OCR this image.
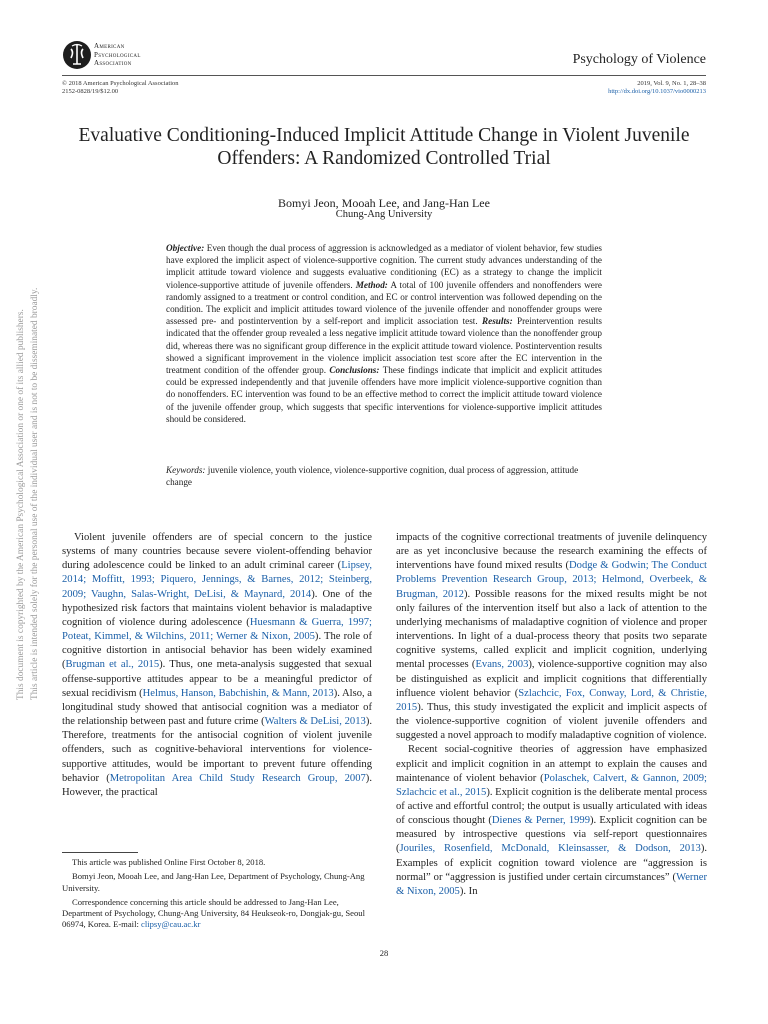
American
Psychological
Association	Psychology of Violence
© 2018 American Psychological Association
2152-0828/19/$12.00
2019, Vol. 9, No. 1, 28–38
http://dx.doi.org/10.1037/vio0000213
Evaluative Conditioning-Induced Implicit Attitude Change in Violent Juvenile Offenders: A Randomized Controlled Trial
Bomyi Jeon, Mooah Lee, and Jang-Han Lee
Chung-Ang University
Objective: Even though the dual process of aggression is acknowledged as a mediator of violent behavior, few studies have explored the implicit aspect of violence-supportive cognition. The current study advances understanding of the implicit attitude toward violence and suggests evaluative conditioning (EC) as a strategy to change the implicit violence-supportive attitude of juvenile offenders. Method: A total of 100 juvenile offenders and nonoffenders were randomly assigned to a treatment or control condition, and EC or control intervention was followed depending on the condition. The explicit and implicit attitudes toward violence of the juvenile offender and nonoffender groups were assessed pre- and postintervention by a self-report and implicit association test. Results: Preintervention results indicated that the offender group revealed a less negative implicit attitude toward violence than the nonoffender group did, whereas there was no significant group difference in the explicit attitude toward violence. Postintervention results showed a significant improvement in the violence implicit association test score after the EC intervention in the treatment condition of the offender group. Conclusions: These findings indicate that implicit and explicit attitudes could be expressed independently and that juvenile offenders have more implicit violence-supportive cognition than do nonoffenders. EC intervention was found to be an effective method to correct the implicit attitude toward violence of the juvenile offender group, which suggests that specific interventions for violence-supportive implicit attitudes should be considered.
Keywords: juvenile violence, youth violence, violence-supportive cognition, dual process of aggression, attitude change

Violent juvenile offenders are of special concern to the justice systems of many countries because severe violent-offending behavior during adolescence could be linked to an adult criminal career (Lipsey, 2014; Moffitt, 1993; Piquero, Jennings, & Barnes, 2012; Steinberg, 2009; Vaughn, Salas-Wright, DeLisi, & Maynard, 2014). One of the hypothesized risk factors that maintains violent behavior is maladaptive cognition of violence during adolescence (Huesmann & Guerra, 1997; Poteat, Kimmel, & Wilchins, 2011; Werner & Nixon, 2005). The role of cognitive distortion in antisocial behavior has been widely examined (Brugman et al., 2015). Thus, one meta-analysis suggested that sexual offense-supportive attitudes appear to be a meaningful predictor of sexual recidivism (Helmus, Hanson, Babchishin, & Mann, 2013). Also, a longitudinal study showed that antisocial cognition was a mediator of the relationship between past and future crime (Walters & DeLisi, 2013). Therefore, treatments for the antisocial cognition of violent juvenile offenders, such as cognitive-behavioral interventions for violence-supportive attitudes, would be important to prevent future offending behavior (Metropolitan Area Child Study Research Group, 2007). However, the practical

impacts of the cognitive correctional treatments of juvenile delinquency are as yet inconclusive because the research examining the effects of interventions have found mixed results (Dodge & Godwin; The Conduct Problems Prevention Research Group, 2013; Helmond, Overbeek, & Brugman, 2012). Possible reasons for the mixed results might be not only failures of the intervention itself but also a lack of attention to the underlying mechanisms of maladaptive cognition of violence and proper interventions. In light of a dual-process theory that posits two separate cognitive systems, called explicit and implicit cognition, underlying mental processes (Evans, 2003), violence-supportive cognition may also be distinguished as explicit and implicit cognitions that differentially influence violent behavior (Szlachcic, Fox, Conway, Lord, & Christie, 2015). Thus, this study investigated the explicit and implicit aspects of the violence-supportive cognition of violent juvenile offenders and suggested a novel approach to modify maladaptive cognition of violence.

Recent social-cognitive theories of aggression have emphasized explicit and implicit cognition in an attempt to explain the causes and maintenance of violent behavior (Polaschek, Calvert, & Gannon, 2009; Szlachcic et al., 2015). Explicit cognition is the deliberate mental process of active and effortful control; the output is usually articulated with ideas of conscious thought (Dienes & Perner, 1999). Explicit cognition can be measured by introspective questions via self-report questionnaires (Jouriles, Rosenfield, McDonald, Kleinsasser, & Dodson, 2013). Examples of explicit cognition toward violence are “aggression is normal” or “aggression is justified under certain circumstances” (Werner & Nixon, 2005). In

This article was published Online First October 8, 2018.

Bomyi Jeon, Mooah Lee, and Jang-Han Lee, Department of Psychology, Chung-Ang University.

Correspondence concerning this article should be addressed to Jang-Han Lee, Department of Psychology, Chung-Ang University, 84 Heukseok-ro, Dongjak-gu, Seoul 06974, Korea. E-mail: clipsy@cau.ac.kr

28
This document is copyrighted by the American Psychological Association or one of its allied publishers. This article is intended solely for the personal use of the individual user and is not to be disseminated broadly.
